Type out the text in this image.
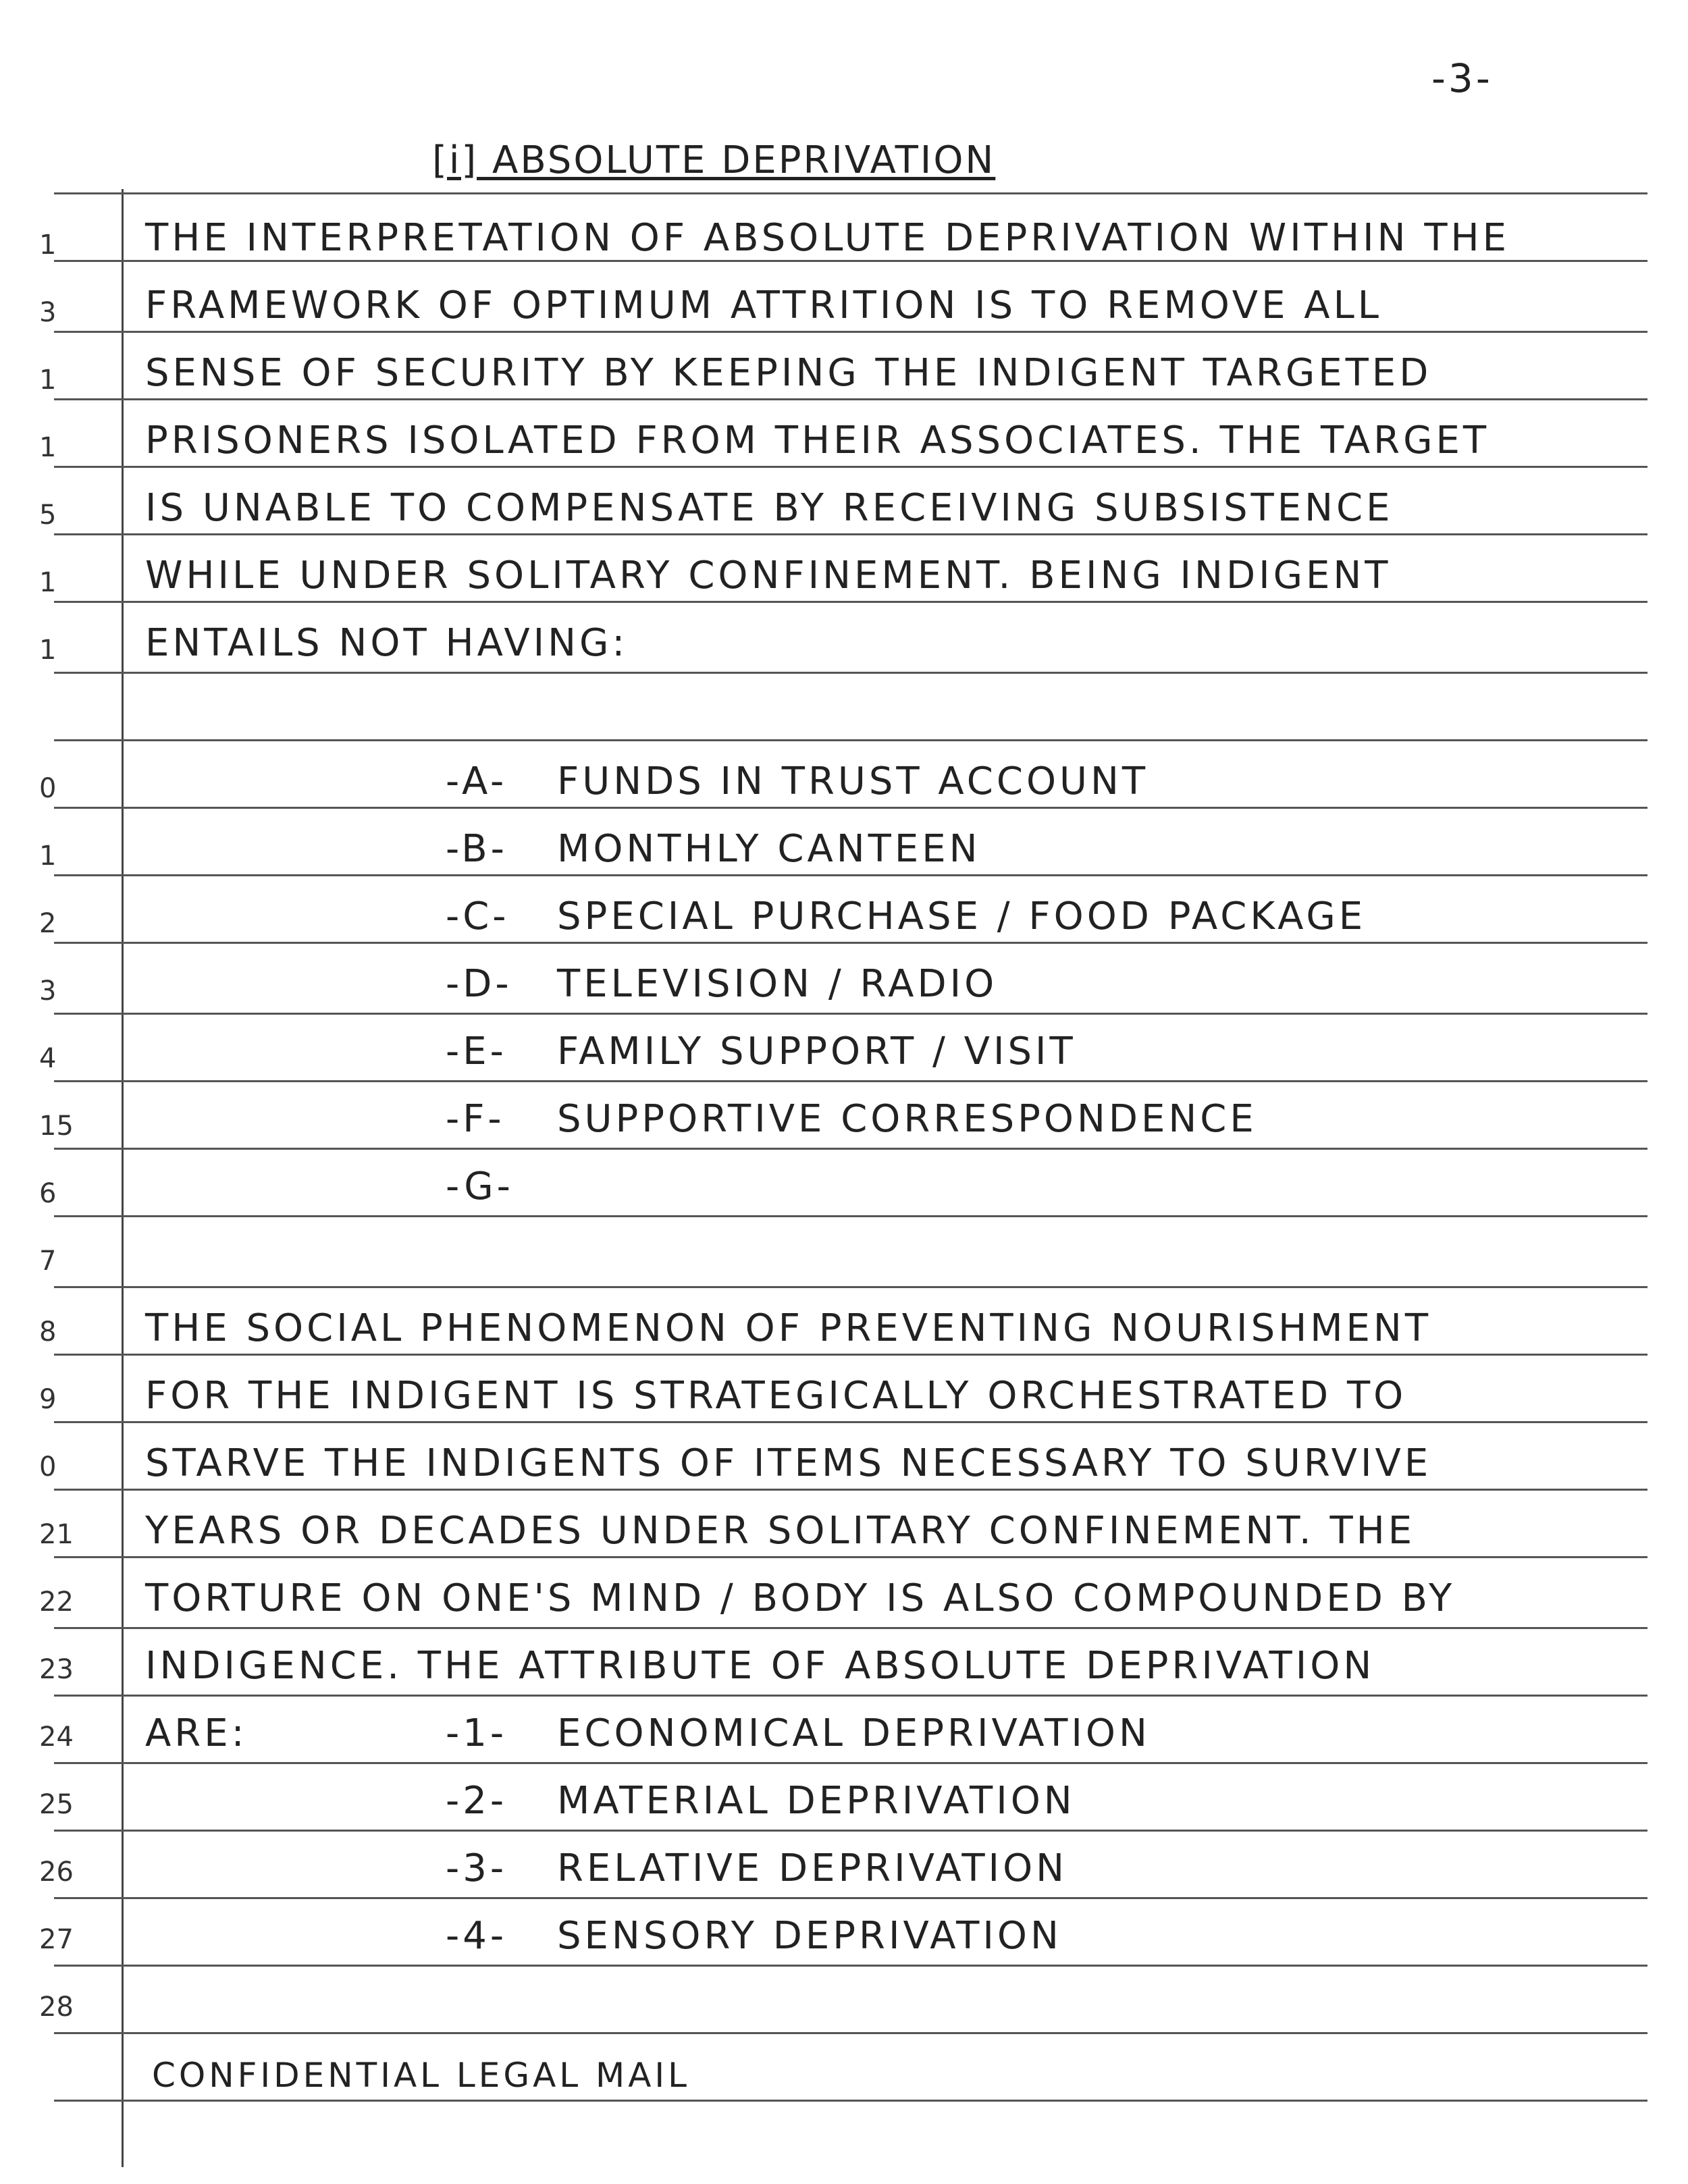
-3-
[i] ABSOLUTE DEPRIVATION
1
3
1
1
5
1
1
0
1
2
3
4
15
6
7
8
9
0
21
22
23
24
25
26
27
28
THE INTERPRETATION OF ABSOLUTE DEPRIVATION WITHIN THE
FRAMEWORK OF OPTIMUM ATTRITION IS TO REMOVE ALL
SENSE OF SECURITY BY KEEPING THE INDIGENT TARGETED
PRISONERS ISOLATED FROM THEIR ASSOCIATES. THE TARGET
IS UNABLE TO COMPENSATE BY RECEIVING SUBSISTENCE
WHILE UNDER SOLITARY CONFINEMENT. BEING INDIGENT
ENTAILS NOT HAVING:
-A- FUNDS IN TRUST ACCOUNT
-B- MONTHLY CANTEEN
-C- SPECIAL PURCHASE / FOOD PACKAGE
-D- TELEVISION / RADIO
-E- FAMILY SUPPORT / VISIT
-F- SUPPORTIVE CORRESPONDENCE
-G-
THE SOCIAL PHENOMENON OF PREVENTING NOURISHMENT
FOR THE INDIGENT IS STRATEGICALLY ORCHESTRATED TO
STARVE THE INDIGENTS OF ITEMS NECESSARY TO SURVIVE
YEARS OR DECADES UNDER SOLITARY CONFINEMENT. THE
TORTURE ON ONE'S MIND / BODY IS ALSO COMPOUNDED BY
INDIGENCE. THE ATTRIBUTE OF ABSOLUTE DEPRIVATION
ARE:	-1- ECONOMICAL DEPRIVATION
-2- MATERIAL DEPRIVATION
-3- RELATIVE DEPRIVATION
-4- SENSORY DEPRIVATION
CONFIDENTIAL LEGAL MAIL
